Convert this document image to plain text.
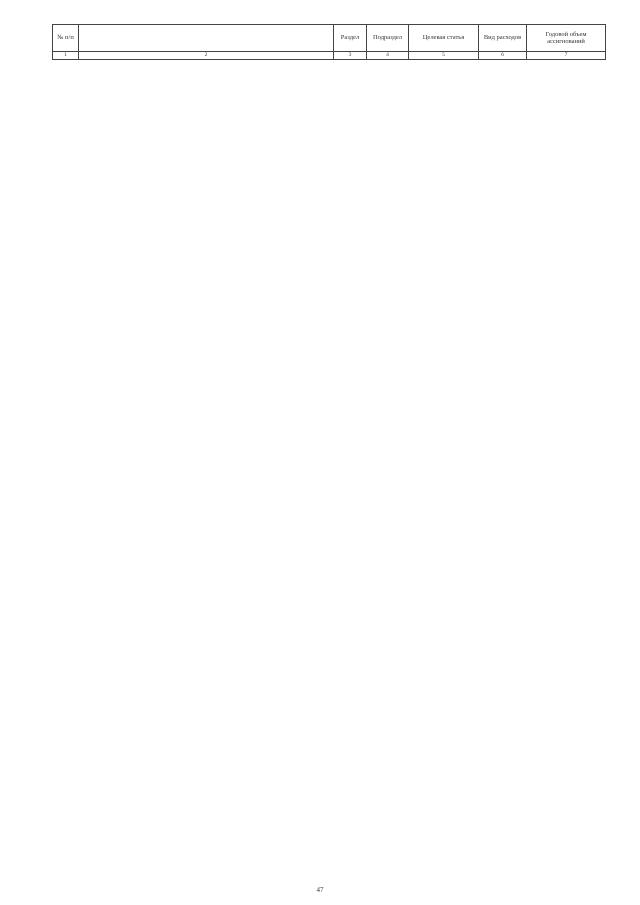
№ п/п		Раздел	Подраздел	Целевая статья	Вид расходов	Годовой объем ассигнований
1	2	3	4	5	6	7
47
